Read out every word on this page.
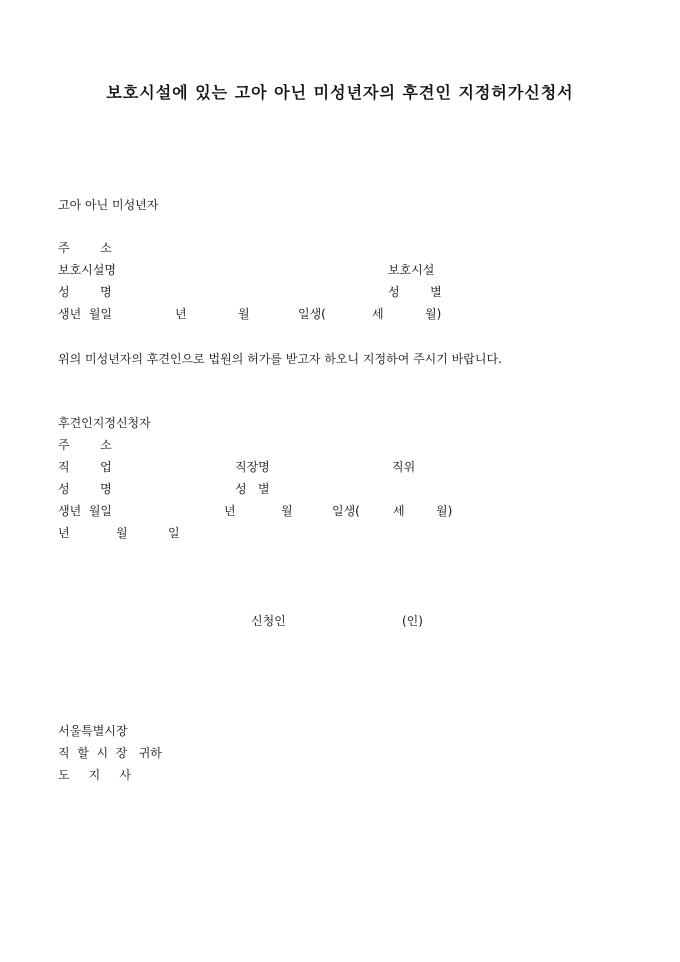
보호시설에 있는 고아 아닌 미성년자의 후견인 지정허가신청서
고아 아닌 미성년자
주        소
보호시설명	보호시설
성        명	성        별
생년  월일	년	월	일생(	세	월)
위의 미성년자의 후견인으로 법원의 허가를 받고자 하오니 지정하여 주시기 바랍니다.
후견인지정신청자
주        소
직        업	직장명	직위
성        명	성   별
생년  월일	년	월	일생(	세	월)
년	월	일
신청인	(인)
서울특별시장
직  할  시  장   귀하
도     지     사
